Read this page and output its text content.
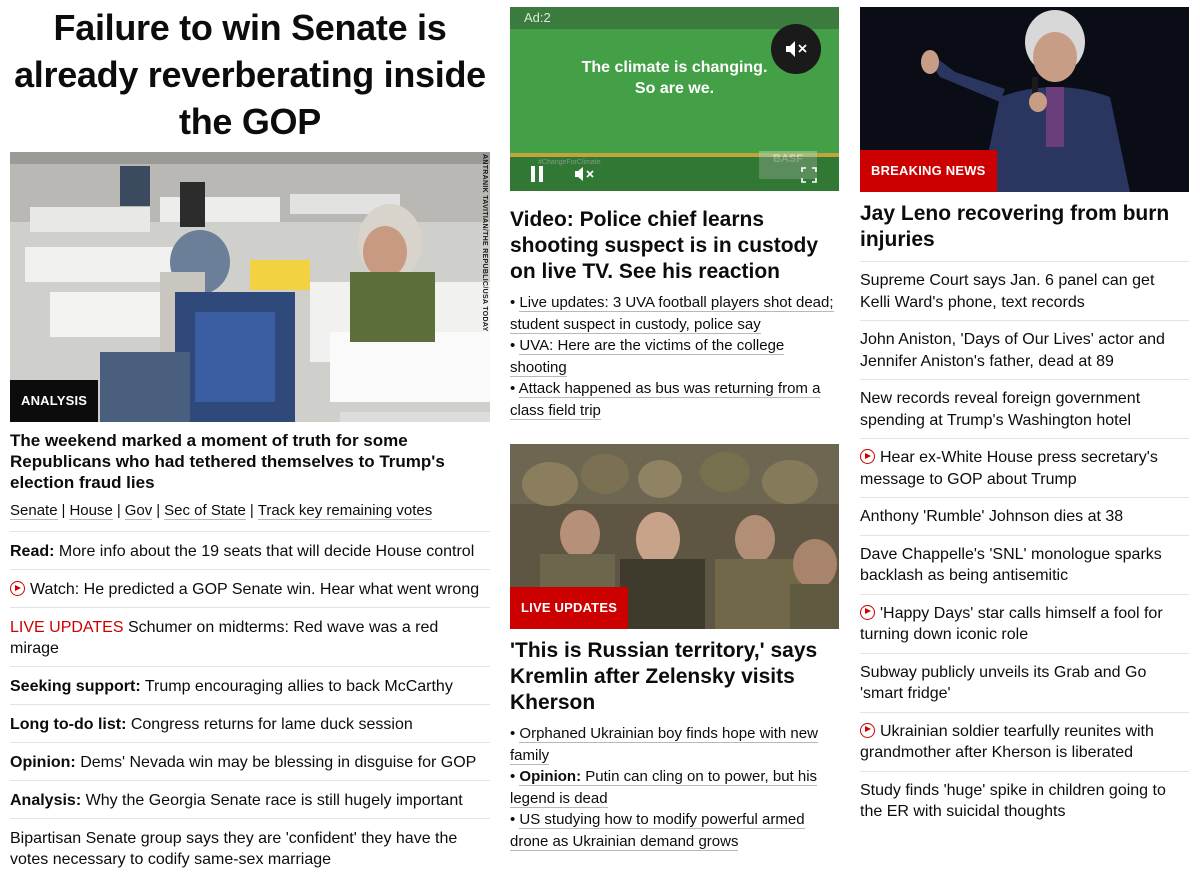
Failure to win Senate is already reverberating inside the GOP
ANTRANIK TAVITIAN/THE REPUBLIC/USA TODAY
ANALYSIS
The weekend marked a moment of truth for some Republicans who had tethered themselves to Trump's election fraud lies
Senate | House | Gov | Sec of State | Track key remaining votes
Read: More info about the 19 seats that will decide House control
Watch: He predicted a GOP Senate win. Hear what went wrong
LIVE UPDATES Schumer on midterms: Red wave was a red mirage
Seeking support: Trump encouraging allies to back McCarthy
Long to-do list: Congress returns for lame duck session
Opinion: Dems' Nevada win may be blessing in disguise for GOP
Analysis: Why the Georgia Senate race is still hugely important
Bipartisan Senate group says they are 'confident' they have the votes necessary to codify same-sex marriage
Ad:2
The climate is changing.
So are we.
#ChangeForClimate	BASF
Video: Police chief learns shooting suspect is in custody on live TV. See his reaction
• Live updates: 3 UVA football players shot dead; student suspect in custody, police say
• UVA: Here are the victims of the college shooting
• Attack happened as bus was returning from a class field trip
LIVE UPDATES
'This is Russian territory,' says Kremlin after Zelensky visits Kherson
• Orphaned Ukrainian boy finds hope with new family
• Opinion: Putin can cling on to power, but his legend is dead
• US studying how to modify powerful armed drone as Ukrainian demand grows
BREAKING NEWS
Jay Leno recovering from burn injuries
Supreme Court says Jan. 6 panel can get Kelli Ward's phone, text records
John Aniston, 'Days of Our Lives' actor and Jennifer Aniston's father, dead at 89
New records reveal foreign government spending at Trump's Washington hotel
Hear ex-White House press secretary's message to GOP about Trump
Anthony 'Rumble' Johnson dies at 38
Dave Chappelle's 'SNL' monologue sparks backlash as being antisemitic
'Happy Days' star calls himself a fool for turning down iconic role
Subway publicly unveils its Grab and Go 'smart fridge'
Ukrainian soldier tearfully reunites with grandmother after Kherson is liberated
Study finds 'huge' spike in children going to the ER with suicidal thoughts
